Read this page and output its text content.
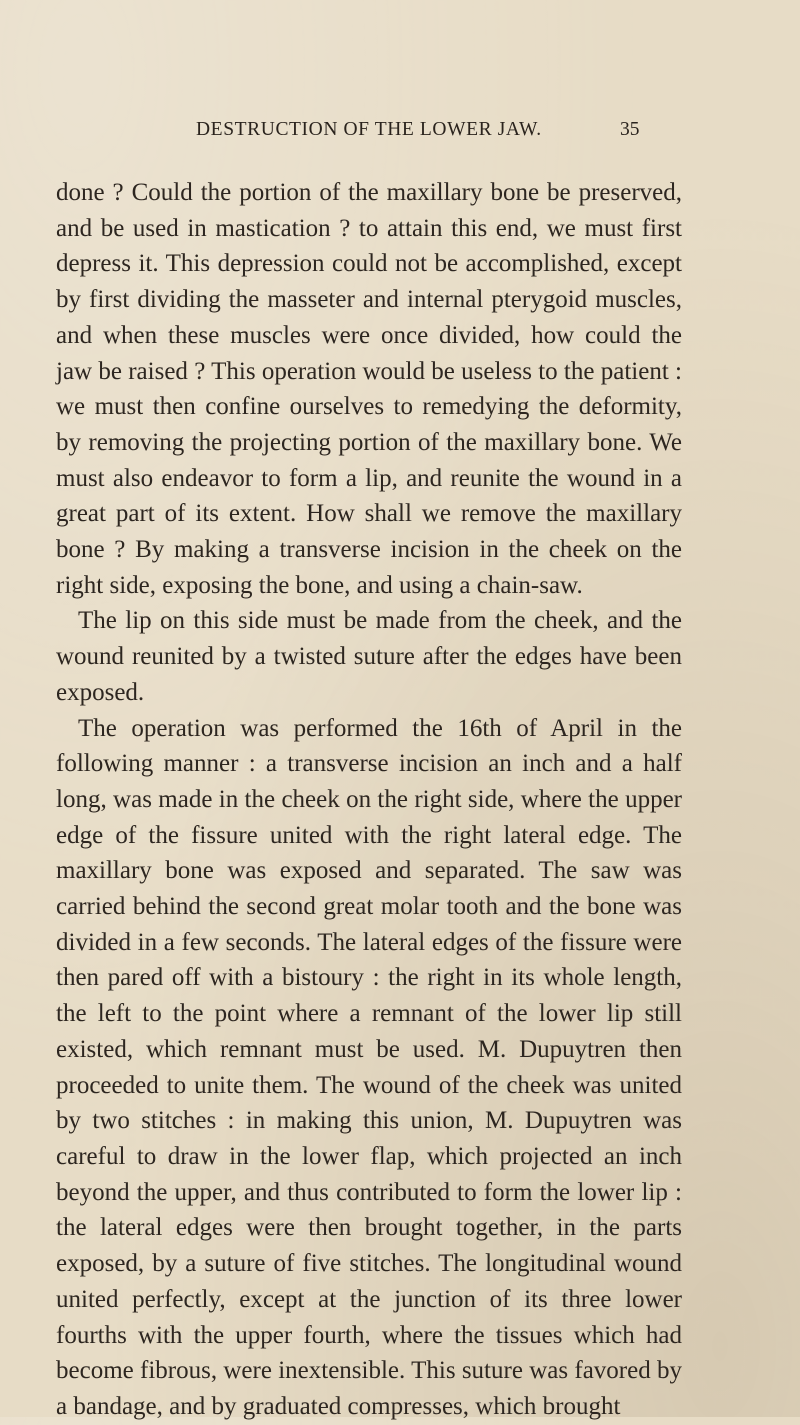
DESTRUCTION OF THE LOWER JAW.	35

done ? Could the portion of the maxillary bone be preserved, and be used in mastication ? to attain this end, we must first depress it. This depression could not be accomplished, except by first dividing the masseter and internal pterygoid muscles, and when these muscles were once divided, how could the jaw be raised ? This operation would be useless to the patient : we must then confine ourselves to remedying the deformity, by removing the projecting portion of the maxillary bone. We must also endeavor to form a lip, and reunite the wound in a great part of its extent. How shall we remove the maxillary bone ? By making a transverse incision in the cheek on the right side, exposing the bone, and using a chain-saw.

The lip on this side must be made from the cheek, and the wound reunited by a twisted suture after the edges have been exposed.

The operation was performed the 16th of April in the following manner : a transverse incision an inch and a half long, was made in the cheek on the right side, where the upper edge of the fissure united with the right lateral edge. The maxillary bone was exposed and separated. The saw was carried behind the second great molar tooth and the bone was divided in a few seconds. The lateral edges of the fissure were then pared off with a bistoury : the right in its whole length, the left to the point where a remnant of the lower lip still existed, which remnant must be used. M. Dupuytren then proceeded to unite them. The wound of the cheek was united by two stitches : in making this union, M. Dupuytren was careful to draw in the lower flap, which projected an inch beyond the upper, and thus contributed to form the lower lip : the lateral edges were then brought together, in the parts exposed, by a suture of five stitches. The longitudinal wound united perfectly, except at the junction of its three lower fourths with the upper fourth, where the tissues which had become fibrous, were inextensible. This suture was favored by a bandage, and by graduated compresses, which brought
